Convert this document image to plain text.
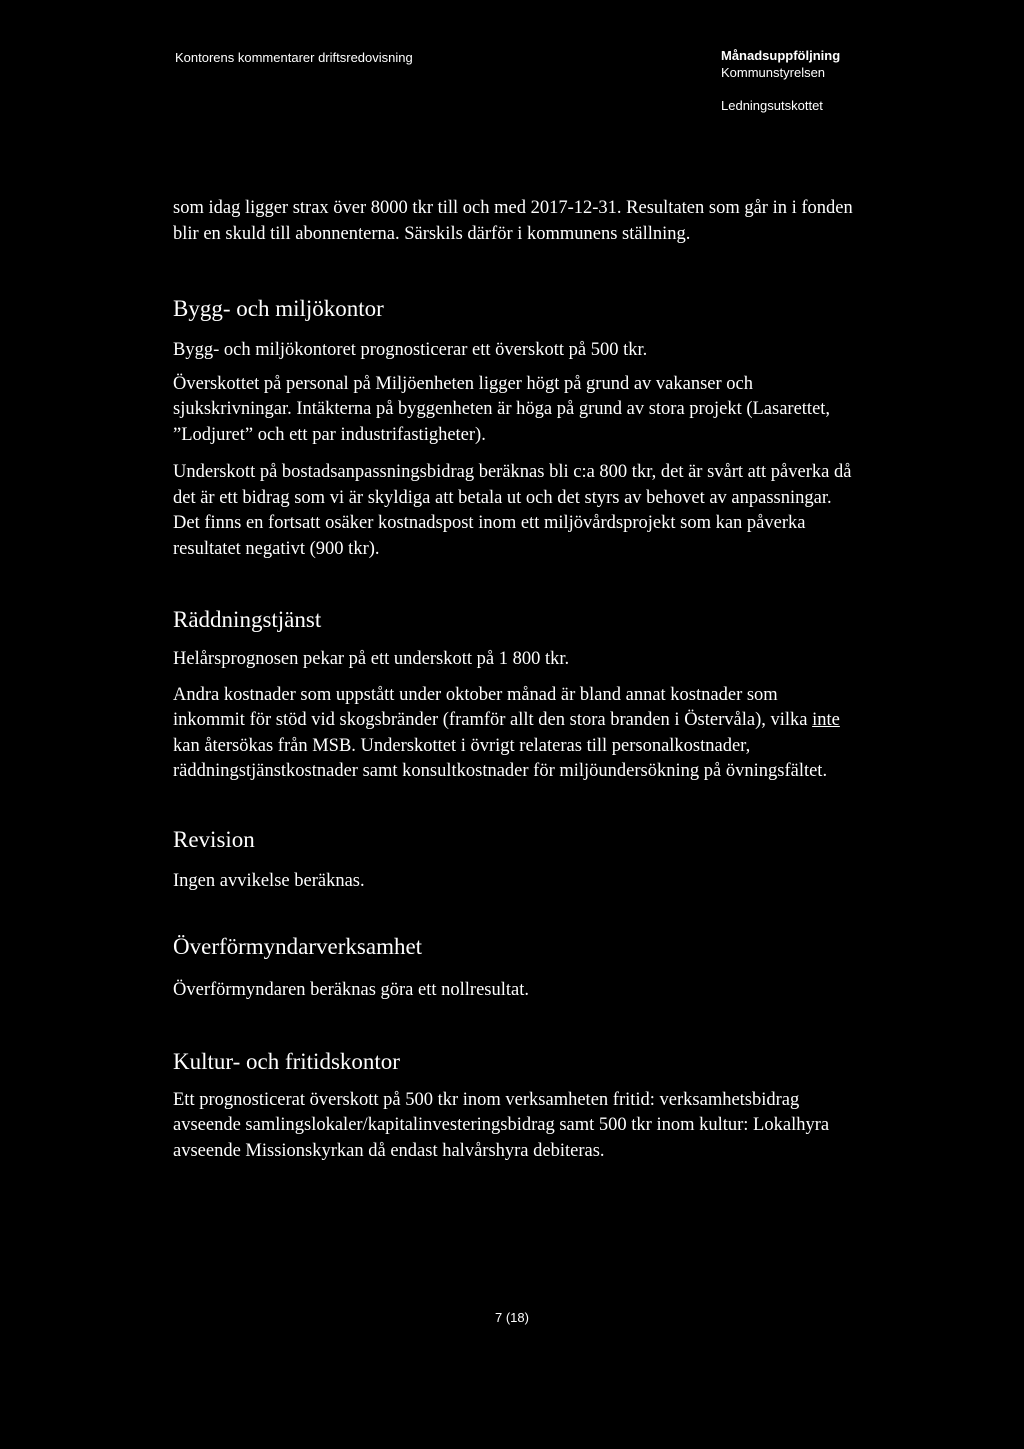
Kontorens kommentarer driftsredovisning	Månadsuppföljning
Kommunstyrelsen
Ledningsutskottet

som idag ligger strax över 8000 tkr till och med 2017-12-31. Resultaten som går in i fonden blir en skuld till abonnenterna. Särskils därför i kommunens ställning.

Bygg- och miljökontor

Bygg- och miljökontoret prognosticerar ett överskott på 500 tkr.

Överskottet på personal på Miljöenheten ligger högt på grund av vakanser och sjukskrivningar. Intäkterna på byggenheten är höga på grund av stora projekt (Lasarettet, ”Lodjuret” och ett par industrifastigheter).

Underskott på bostadsanpassningsbidrag beräknas bli c:a 800 tkr, det är svårt att påverka då det är ett bidrag som vi är skyldiga att betala ut och det styrs av behovet av anpassningar. Det finns en fortsatt osäker kostnadspost inom ett miljövårdsprojekt som kan påverka resultatet negativt (900 tkr).

Räddningstjänst

Helårsprognosen pekar på ett underskott på 1 800 tkr.

Andra kostnader som uppstått under oktober månad är bland annat kostnader som inkommit för stöd vid skogsbränder (framför allt den stora branden i Östervåla), vilka inte kan återsökas från MSB. Underskottet i övrigt relateras till personalkostnader, räddningstjänstkostnader samt konsultkostnader för miljöundersökning på övningsfältet.

Revision

Ingen avvikelse beräknas.

Överförmyndarverksamhet

Överförmyndaren beräknas göra ett nollresultat.

Kultur- och fritidskontor

Ett prognosticerat överskott på 500 tkr inom verksamheten fritid: verksamhetsbidrag avseende samlingslokaler/kapitalinvesteringsbidrag samt 500 tkr inom kultur: Lokalhyra avseende Missionskyrkan då endast halvårshyra debiteras.

7 (18)
